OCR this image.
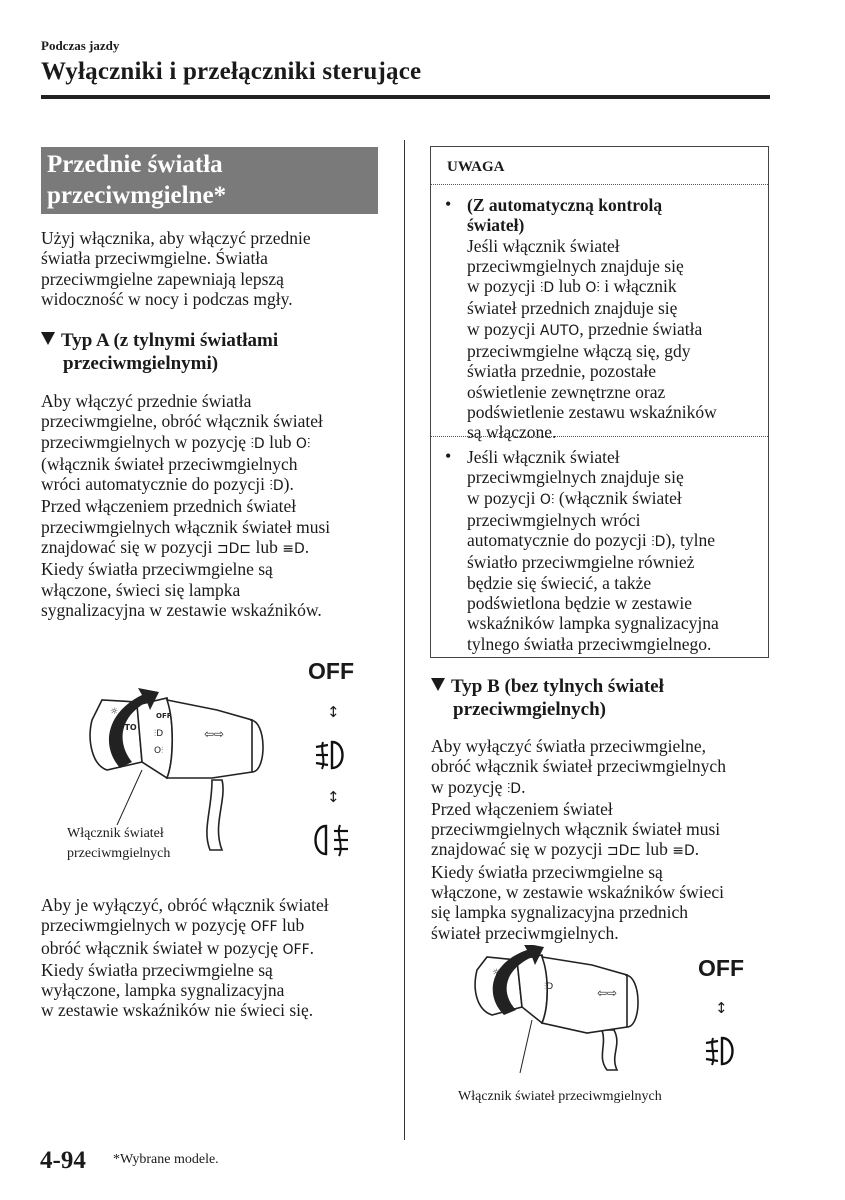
Podczas jazdy
Wyłączniki i przełączniki sterujące
Przednie światła
przeciwmgielne*
Użyj włącznika, aby włączyć przednie
światła przeciwmgielne. Światła
przeciwmgielne zapewniają lepszą
widoczność w nocy i podczas mgły.
Typ A (z tylnymi światłami
przeciwmgielnymi)
Aby włączyć przednie światła
przeciwmgielne, obróć włącznik świateł
przeciwmgielnych w pozycję ⫶D lub O⫶
(włącznik świateł przeciwmgielnych
wróci automatycznie do pozycji ⫶D).
Przed włączeniem przednich świateł
przeciwmgielnych włącznik świateł musi
znajdować się w pozycji ⊐D⊏ lub ≡D.
Kiedy światła przeciwmgielne są
włączone, świeci się lampka
sygnalizacyjna w zestawie wskaźników.
☼
AUTO
OFF
⫶D
O⫶
⇦⇨
OFF
↕
↕
Włącznik świateł
przeciwmgielnych
Aby je wyłączyć, obróć włącznik świateł
przeciwmgielnych w pozycję OFF lub
obróć włącznik świateł w pozycję OFF.
Kiedy światła przeciwmgielne są
wyłączone, lampka sygnalizacyjna
w zestawie wskaźników nie świeci się.
UWAGA
• (Z automatyczną kontrolą
świateł)
Jeśli włącznik świateł
przeciwmgielnych znajduje się
w pozycji ⫶D lub O⫶ i włącznik
świateł przednich znajduje się
w pozycji AUTO, przednie światła
przeciwmgielne włączą się, gdy
światła przednie, pozostałe
oświetlenie zewnętrzne oraz
podświetlenie zestawu wskaźników
są włączone.
• Jeśli włącznik świateł
przeciwmgielnych znajduje się
w pozycji O⫶ (włącznik świateł
przeciwmgielnych wróci
automatycznie do pozycji ⫶D), tylne
światło przeciwmgielne również
będzie się świecić, a także
podświetlona będzie w zestawie
wskaźników lampka sygnalizacyjna
tylnego światła przeciwmgielnego.
Typ B (bez tylnych świateł
przeciwmgielnych)
Aby wyłączyć światła przeciwmgielne,
obróć włącznik świateł przeciwmgielnych
w pozycję ⫶D.
Przed włączeniem świateł
przeciwmgielnych włącznik świateł musi
znajdować się w pozycji ⊐D⊏ lub ≡D.
Kiedy światła przeciwmgielne są
włączone, w zestawie wskaźników świeci
się lampka sygnalizacyjna przednich
świateł przeciwmgielnych.
☼
⫶D	⇦⇨
OFF
↕
Włącznik świateł przeciwmgielnych
4-94 *Wybrane modele.
